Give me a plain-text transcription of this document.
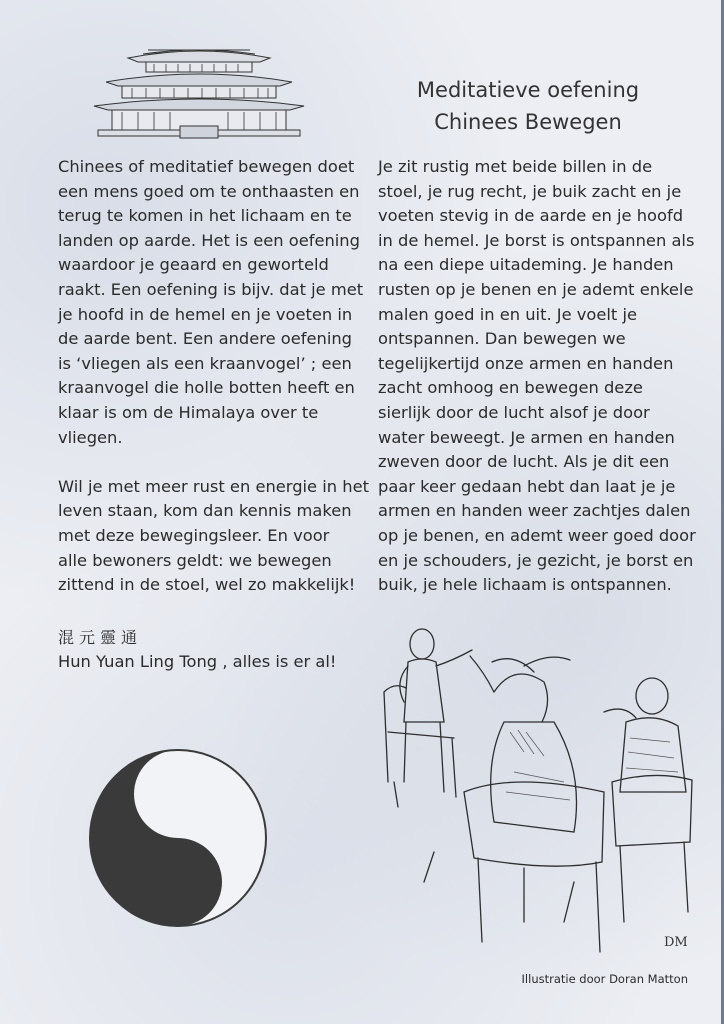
Meditatieve oefening
Chinees Bewegen

Chinees of meditatief bewegen doet
een mens goed om te onthaasten en
terug te komen in het lichaam en te
landen op aarde. Het is een oefening
waardoor je geaard en geworteld
raakt. Een oefening is bijv. dat je met
je hoofd in de hemel en je voeten in
de aarde bent. Een andere oefening
is ‘vliegen als een kraanvogel’ ; een
kraanvogel die holle botten heeft en
klaar is om de Himalaya over te
vliegen.

Wil je met meer rust en energie in het
leven staan, kom dan kennis maken
met deze bewegingsleer. En voor
alle bewoners geldt: we bewegen
zittend in de stoel, wel zo makkelijk!

混元靈通
Hun Yuan Ling Tong , alles is er al!

Je zit rustig met beide billen in de
stoel, je rug recht, je buik zacht en je
voeten stevig in de aarde en je hoofd
in de hemel. Je borst is ontspannen als
na een diepe uitademing. Je handen
rusten op je benen en je ademt enkele
malen goed in en uit. Je voelt je
ontspannen. Dan bewegen we
tegelijkertijd onze armen en handen
zacht omhoog en bewegen deze
sierlijk door de lucht alsof je door
water beweegt. Je armen en handen
zweven door de lucht. Als je dit een
paar keer gedaan hebt dan laat je je
armen en handen weer zachtjes dalen
op je benen, en ademt weer goed door
en je schouders, je gezicht, je borst en
buik, je hele lichaam is ontspannen.

DM
Illustratie door Doran Matton
